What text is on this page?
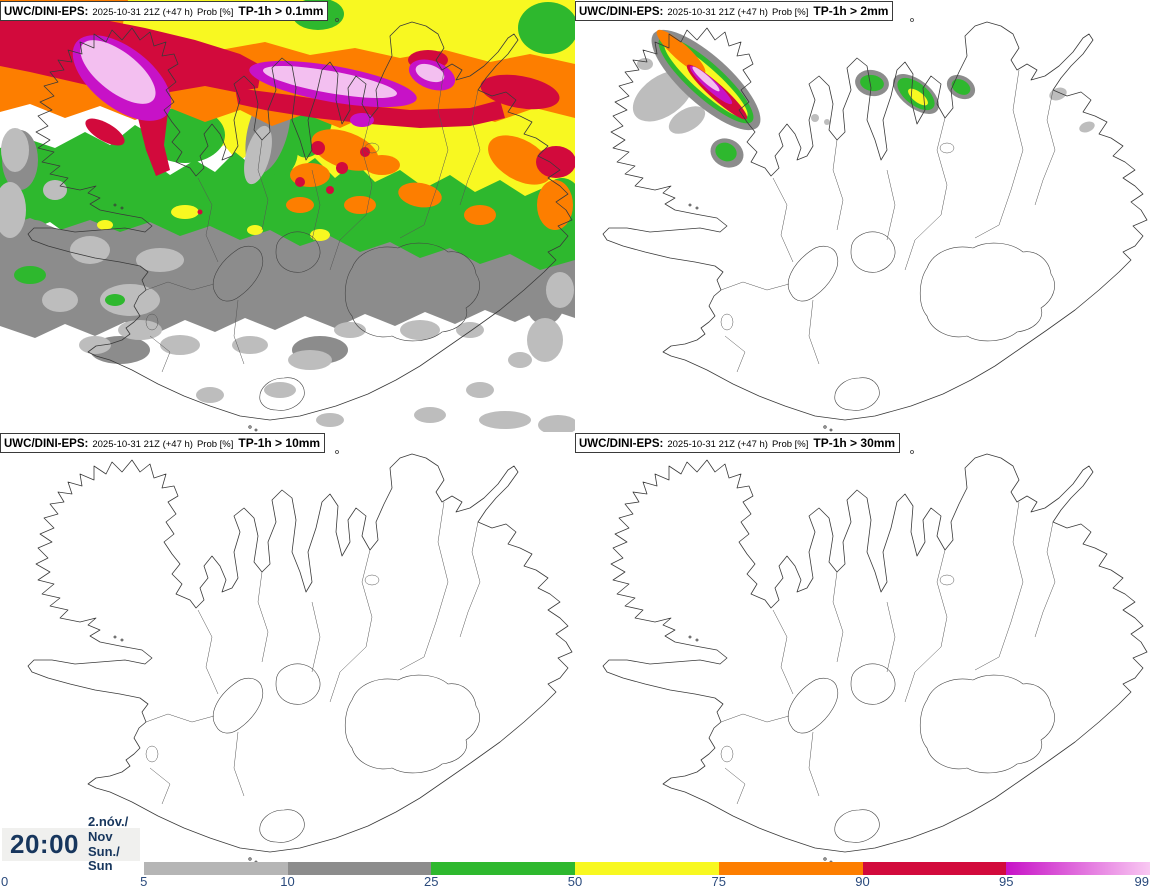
UWC/DINI-EPS: 2025-10-31 21Z (+47 h) Prob [%] TP-1h > 0.1mm	UWC/DINI-EPS: 2025-10-31 21Z (+47 h) Prob [%] TP-1h > 2mm
UWC/DINI-EPS: 2025-10-31 21Z (+47 h) Prob [%] TP-1h > 10mm	UWC/DINI-EPS: 2025-10-31 21Z (+47 h) Prob [%] TP-1h > 30mm
20:00
2.nóv./ Nov
Sun./ Sun
0	5	10	25	50	75	90	95	99
